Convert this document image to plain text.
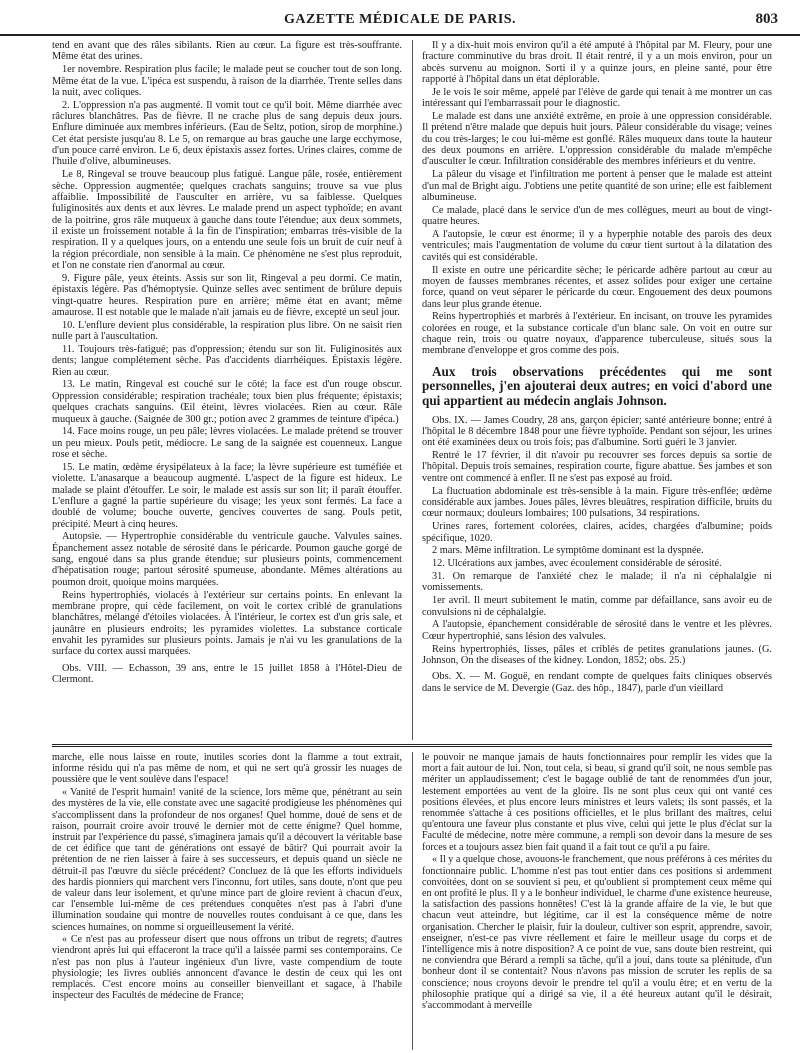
GAZETTE MÉDICALE DE PARIS.	803

tend en avant que des râles sibilants. Rien au cœur. La figure est très-souffrante. Même état des urines.

1er novembre. Respiration plus facile; le malade peut se coucher tout de son long. Même état de la vue. L'ipéca est suspendu, à raison de la diarrhée. Trente selles dans la nuit, avec coliques.

2. L'oppression n'a pas augmenté. Il vomit tout ce qu'il boit. Même diarrhée avec râclures blanchâtres. Pas de fièvre. Il ne crache plus de sang depuis deux jours. Enflure diminuée aux membres inférieurs. (Eau de Seltz, potion, sirop de morphine.) Cet état persiste jusqu'au 8. Le 5, on remarque au bras gauche une large ecchymose, d'un pouce carré environ. Le 6, deux épistaxis assez fortes. Urines claires, comme de l'huile d'olive, albumineuses.

Le 8, Ringeval se trouve beaucoup plus fatigué. Langue pâle, rosée, entièrement sèche. Oppression augmentée; quelques crachats sanguins; trouve sa vue plus affaiblie. Impossibilité de l'ausculter en arrière, vu sa faiblesse. Quelques fuliginosités aux dents et aux lèvres. Le malade prend un aspect typhoïde; en avant de la poitrine, gros râle muqueux à gauche dans toute l'étendue; aux deux sommets, il existe un froissement notable à la fin de l'inspiration; embarras très-visible de la respiration. Il y a quelques jours, on a entendu une seule fois un bruit de cuir neuf à la région précordiale, non sensible à la main. Ce phénomène ne s'est plus reproduit, et l'on ne constate rien d'anormal au cœur.

9. Figure pâle, yeux éteints. Assis sur son lit, Ringeval a peu dormi. Ce matin, épistaxis légère. Pas d'hémoptysie. Quinze selles avec sentiment de brûlure depuis vingt-quatre heures. Respiration pure en arrière; même état en avant; même amaurose. Il est notable que le malade n'ait jamais eu de fièvre, excepté un seul jour.

10. L'enflure devient plus considérable, la respiration plus libre. On ne saisit rien nulle part à l'auscultation.

11. Toujours très-fatigué; pas d'oppression; étendu sur son lit. Fuliginosités aux dents; langue complétement sèche. Pas d'accidents diarrhéiques. Épistaxis légère. Rien au cœur.

13. Le matin, Ringeval est couché sur le côté; la face est d'un rouge obscur. Oppression considérable; respiration trachéale; toux bien plus fréquente; épistaxis; quelques crachats sanguins. Œil éteint, lèvres violacées. Rien au cœur. Râle muqueux à gauche. (Saignée de 300 gr.; potion avec 2 grammes de teinture d'ipéca.)

14. Face moins rouge, un peu pâle; lèvres violacées. Le malade prétend se trouver un peu mieux. Pouls petit, médiocre. Le sang de la saignée est couenneux. Langue rose et sèche.

15. Le matin, œdème érysipélateux à la face; la lèvre supérieure est tuméfiée et violette. L'anasarque a beaucoup augmenté. L'aspect de la figure est hideux. Le malade se plaint d'étouffer. Le soir, le malade est assis sur son lit; il paraît étouffer. L'enflure a gagné la partie supérieure du visage; les yeux sont fermés. La face a doublé de volume; bouche ouverte, gencives couvertes de sang. Pouls petit, précipité. Meurt à cinq heures.

Autopsie. — Hypertrophie considérable du ventricule gauche. Valvules saines. Épanchement assez notable de sérosité dans le péricarde. Poumon gauche gorgé de sang, engoué dans sa plus grande étendue; sur plusieurs points, commencement d'hépatisation rouge; partout sérosité spumeuse, abondante. Mêmes altérations au poumon droit, quoique moins marquées.

Reins hypertrophiés, violacés à l'extérieur sur certains points. En enlevant la membrane propre, qui cède facilement, on voit le cortex criblé de granulations blanchâtres, mélangé d'étoiles violacées. À l'intérieur, le cortex est d'un gris sale, et jaunâtre en plusieurs endroits; les pyramides violettes. La substance corticale envahit les pyramides sur plusieurs points. Jamais je n'ai vu les granulations de la surface du cortex aussi marquées.

Obs. VIII. — Echasson, 39 ans, entre le 15 juillet 1858 à l'Hôtel-Dieu de Clermont.

Il y a dix-huit mois environ qu'il a été amputé à l'hôpital par M. Fleury, pour une fracture comminutive du bras droit. Il était rentré, il y a un mois environ, pour un abcès survenu au moignon. Sorti il y a quinze jours, en pleine santé, pour être rapporté à l'hôpital dans un état déplorable.

Je le vois le soir même, appelé par l'élève de garde qui tenait à me montrer un cas intéressant qui l'embarrassait pour le diagnostic.

Le malade est dans une anxiété extrême, en proie à une oppression considérable. Il prétend n'être malade que depuis huit jours. Pâleur considérable du visage; veines du cou très-larges; le cou lui-même est gonflé. Râles muqueux dans toute la hauteur des deux poumons en arrière. L'oppression considérable du malade m'empêche d'ausculter le cœur. Infiltration considérable des membres inférieurs et du ventre.

La pâleur du visage et l'infiltration me portent à penser que le malade est atteint d'un mal de Bright aigu. J'obtiens une petite quantité de son urine; elle est faiblement albumineuse.

Ce malade, placé dans le service d'un de mes collègues, meurt au bout de vingt-quatre heures.

A l'autopsie, le cœur est énorme; il y a hyperphie notable des parois des deux ventricules; mais l'augmentation de volume du cœur tient surtout à la dilatation des cavités qui est considérable.

Il existe en outre une péricardite sèche; le péricarde adhère partout au cœur au moyen de fausses membranes récentes, et assez solides pour exiger une certaine force, quand on veut séparer le péricarde du cœur. Engouement des deux poumons dans leur plus grande étenue.

Reins hypertrophiés et marbrés à l'extérieur. En incisant, on trouve les pyramides colorées en rouge, et la substance corticale d'un blanc sale. On voit en outre sur chaque rein, trois ou quatre noyaux, d'apparence tuberculeuse, situés sous la membrane d'enveloppe et gros comme des pois.

Aux trois observations précédentes qui me sont personnelles, j'en ajouterai deux autres; en voici d'abord une qui appartient au médecin anglais Johnson.

Obs. IX. — James Coudry, 28 ans, garçon épicier; santé antérieure bonne; entré à l'hôpital le 8 décembre 1848 pour une fièvre typhoïde. Pendant son séjour, les urines ont été examinées deux ou trois fois; pas d'albumine. Sorti guéri le 3 janvier.

Rentré le 17 février, il dit n'avoir pu recouvrer ses forces depuis sa sortie de l'hôpital. Depuis trois semaines, respiration courte, figure abattue. Ses jambes et son ventre ont commencé à enfler. Il ne s'est pas exposé au froid.

La fluctuation abdominale est très-sensible à la main. Figure très-enflée; œdème considérable aux jambes. Joues pâles, lèvres bleuâtres, respiration difficile, bruits du cœur normaux; douleurs lombaires; 100 pulsations, 34 respirations.

Urines rares, fortement colorées, claires, acides, chargées d'albumine; poids spécifique, 1020.

2 mars. Même infiltration. Le symptôme dominant est la dyspnée.

12. Ulcérations aux jambes, avec écoulement considérable de sérosité.

31. On remarque de l'anxiété chez le malade; il n'a ni céphalalgie ni vomissements.

1er avril. Il meurt subitement le matin, comme par défaillance, sans avoir eu de convulsions ni de céphalalgie.

A l'autopsie, épanchement considérable de sérosité dans le ventre et les plèvres. Cœur hypertrophié, sans lésion des valvules.

Reins hypertrophiés, lisses, pâles et criblés de petites granulations jaunes. (G. Johnson, On the diseases of the kidney. London, 1852; obs. 25.)

Obs. X. — M. Goguë, en rendant compte de quelques faits cliniques observés dans le service de M. Devergie (Gaz. des hôp., 1847), parle d'un vieillard

marche, elle nous laisse en route, inutiles scories dont la flamme a tout extrait, informe résidu qui n'a pas même de nom, et qui ne sert qu'à grossir les nuages de poussière que le vent soulève dans l'espace!

« Vanité de l'esprit humain! vanité de la science, lors même que, pénétrant au sein des mystères de la vie, elle constate avec une sagacité prodigieuse les phénomènes qui s'accomplissent dans la profondeur de nos organes! Quel homme, doué de sens et de raison, pourrait croire avoir trouvé le dernier mot de cette énigme? Quel homme, instruit par l'expérience du passé, s'imaginera jamais qu'il a découvert la véritable base de cet édifice que tant de générations ont essayé de bâtir? Qui pourrait avoir la prétention de ne rien laisser à faire à ses successeurs, et depuis quand un siècle ne détruit-il pas l'œuvre du siècle précédent? Concluez de là que les efforts individuels des hardis pionniers qui marchent vers l'inconnu, fort utiles, sans doute, n'ont que peu de valeur dans leur isolement, et qu'une mince part de gloire revient à chacun d'eux, car l'ensemble lui-même de ces prétendues conquêtes n'est pas à l'abri d'une illumination soudaine qui montre de nouvelles routes conduisant à ce que, dans les sciences humaines, on nomme si orgueilleusement la vérité.

« Ce n'est pas au professeur disert que nous offrons un tribut de regrets; d'autres viendront après lui qui effaceront la trace qu'il a laissée parmi ses contemporains. Ce n'est pas non plus à l'auteur ingénieux d'un livre, vaste compendium de toute physiologie; les livres oubliés annoncent d'avance le destin de ceux qui les ont remplacés. C'est encore moins au conseiller bienveillant et sagace, à l'habile inspecteur des Facultés de médecine de France;

le pouvoir ne manque jamais de hauts fonctionnaires pour remplir les vides que la mort a fait autour de lui. Non, tout cela, si beau, si grand qu'il soit, ne nous semble pas mériter un applaudissement; c'est le bagage oublié de tant de renommées d'un jour, lestement emportées au vent de la gloire. Ils ne sont plus ceux qui ont vanté ces positions élevées, et plus encore leurs ministres et leurs valets; ils sont passés, et la renommée s'attache à ces positions officielles, et le plus brillant des maîtres, celui qu'entoura une faveur plus constante et plus vive, celui qui jette le plus d'éclat sur la Faculté de médecine, notre mère commune, a rempli son devoir dans la mesure de ses forces et a toujours assez bien fait quand il a fait tout ce qu'il a pu faire.

« Il y a quelque chose, avouons-le franchement, que nous préférons à ces mérites du fonctionnaire public. L'homme n'est pas tout entier dans ces positions si ardemment convoitées, dont on se souvient si peu, et qu'oublient si promptement ceux même qui en ont profité le plus. Il y a le bonheur individuel, le charme d'une existence heureuse, la satisfaction des passions honnêtes! C'est là la grande affaire de la vie, le but que chacun veut atteindre, but légitime, car il est la conséquence même de notre organisation. Chercher le plaisir, fuir la douleur, cultiver son esprit, apprendre, savoir, enseigner, n'est-ce pas vivre réellement et faire le meilleur usage du corps et de l'intelligence mis à notre disposition? A ce point de vue, sans doute bien restreint, qui ne conviendra que Bérard a rempli sa tâche, qu'il a joui, dans toute sa plénitude, d'un bonheur dont il se contentait? Nous n'avons pas mission de scruter les replis de sa conscience; nous croyons devoir le prendre tel qu'il a voulu être; et en vertu de la philosophie pratique qui a dirigé sa vie, il a été heureux autant qu'il le désirait, s'accommodant à merveille
